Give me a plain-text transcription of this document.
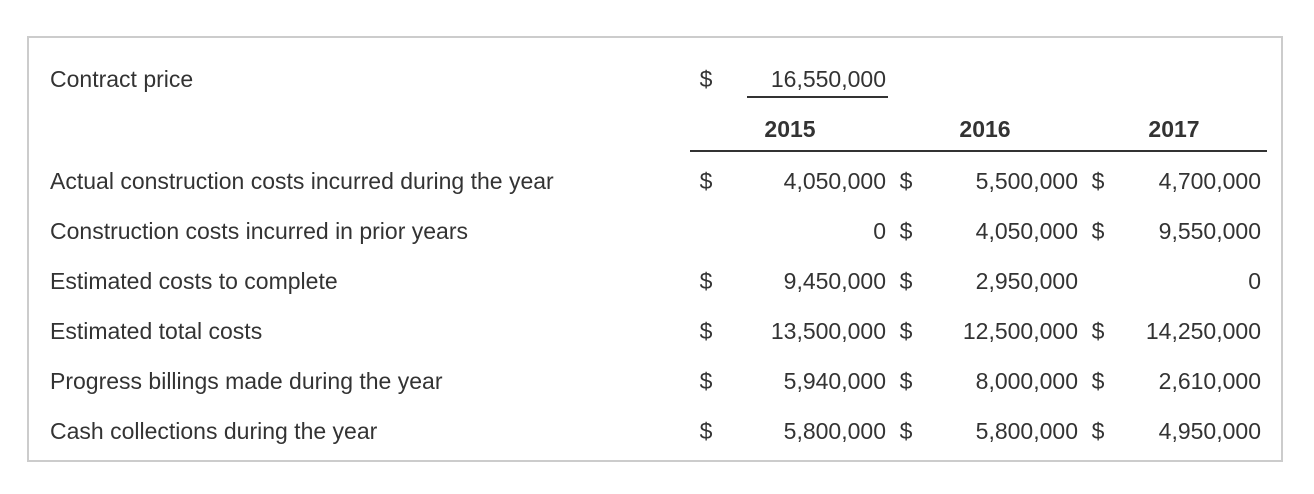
Contract price	$	16,550,000
2015	2016	2017
Actual construction costs incurred during the year	$	4,050,000 $	5,500,000 $ 4,700,000
Construction costs incurred in prior years	0 $	4,050,000 $ 9,550,000
Estimated costs to complete	$	9,450,000 $	2,950,000	0
Estimated total costs	$	13,500,000 $ 12,500,000 $ 14,250,000
Progress billings made during the year	$	5,940,000 $	8,000,000 $ 2,610,000
Cash collections during the year	$	5,800,000 $	5,800,000 $ 4,950,000
